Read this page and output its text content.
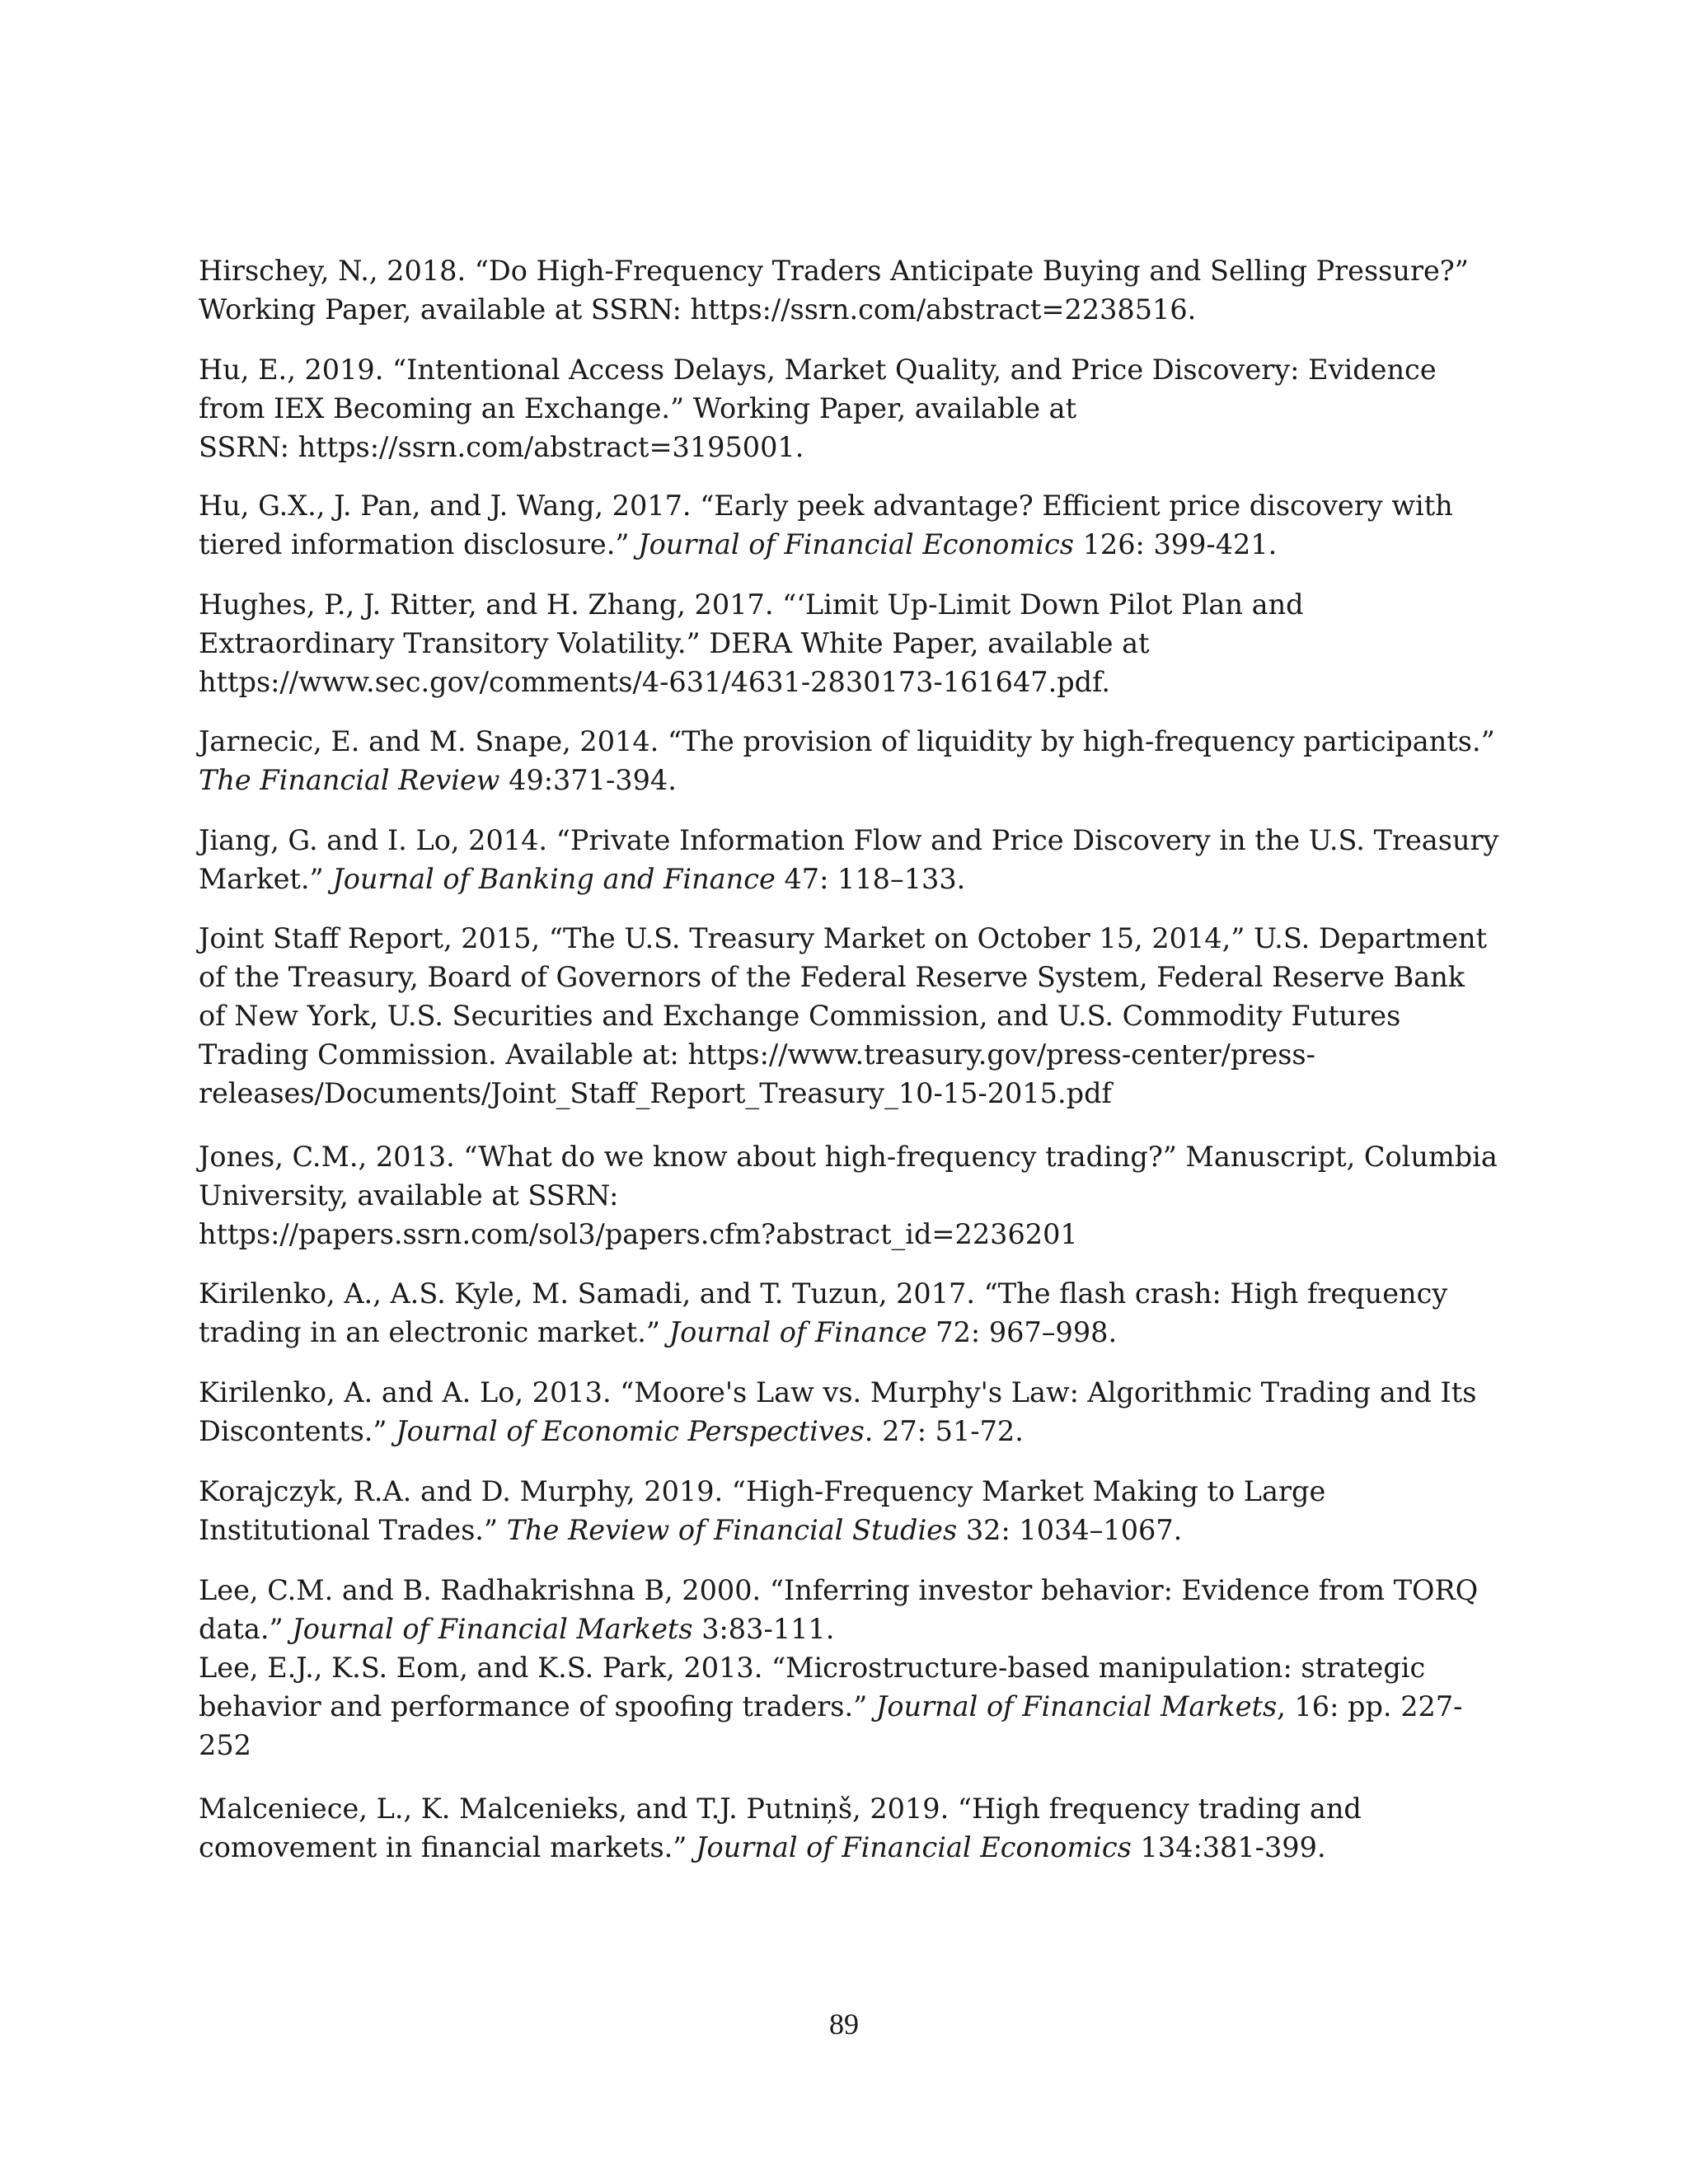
Hirschey, N., 2018. “Do High-Frequency Traders Anticipate Buying and Selling Pressure?”
Working Paper, available at SSRN: https://ssrn.com/abstract=2238516.

Hu, E., 2019. “Intentional Access Delays, Market Quality, and Price Discovery: Evidence
from IEX Becoming an Exchange.” Working Paper, available at
SSRN: https://ssrn.com/abstract=3195001.

Hu, G.X., J. Pan, and J. Wang, 2017. “Early peek advantage? Efficient price discovery with
tiered information disclosure.” Journal of Financial Economics 126: 399-421.

Hughes, P., J. Ritter, and H. Zhang, 2017. “‘Limit Up-Limit Down Pilot Plan and
Extraordinary Transitory Volatility.” DERA White Paper, available at
https://www.sec.gov/comments/4-631/4631-2830173-161647.pdf.

Jarnecic, E. and M. Snape, 2014. “The provision of liquidity by high-frequency participants.”
The Financial Review 49:371-394.

Jiang, G. and I. Lo, 2014. “Private Information Flow and Price Discovery in the U.S. Treasury
Market.” Journal of Banking and Finance 47: 118–133.

Joint Staff Report, 2015, “The U.S. Treasury Market on October 15, 2014,” U.S. Department
of the Treasury, Board of Governors of the Federal Reserve System, Federal Reserve Bank
of New York, U.S. Securities and Exchange Commission, and U.S. Commodity Futures
Trading Commission. Available at: https://www.treasury.gov/press-center/press-
releases/Documents/Joint_Staff_Report_Treasury_10-15-2015.pdf

Jones, C.M., 2013. “What do we know about high-frequency trading?” Manuscript, Columbia
University, available at SSRN:
https://papers.ssrn.com/sol3/papers.cfm?abstract_id=2236201

Kirilenko, A., A.S. Kyle, M. Samadi, and T. Tuzun, 2017. “The flash crash: High frequency
trading in an electronic market.” Journal of Finance 72: 967–998.

Kirilenko, A. and A. Lo, 2013. “Moore's Law vs. Murphy's Law: Algorithmic Trading and Its
Discontents.” Journal of Economic Perspectives. 27: 51-72.

Korajczyk, R.A. and D. Murphy, 2019. “High-Frequency Market Making to Large
Institutional Trades.” The Review of Financial Studies 32: 1034–1067.

Lee, C.M. and B. Radhakrishna B, 2000. “Inferring investor behavior: Evidence from TORQ
data.” Journal of Financial Markets 3:83-111.
Lee, E.J., K.S. Eom, and K.S. Park, 2013. “Microstructure-based manipulation: strategic
behavior and performance of spoofing traders.” Journal of Financial Markets, 16: pp. 227-
252

Malceniece, L., K. Malcenieks, and T.J. Putniņš, 2019. “High frequency trading and
comovement in financial markets.” Journal of Financial Economics 134:381-399.

89
